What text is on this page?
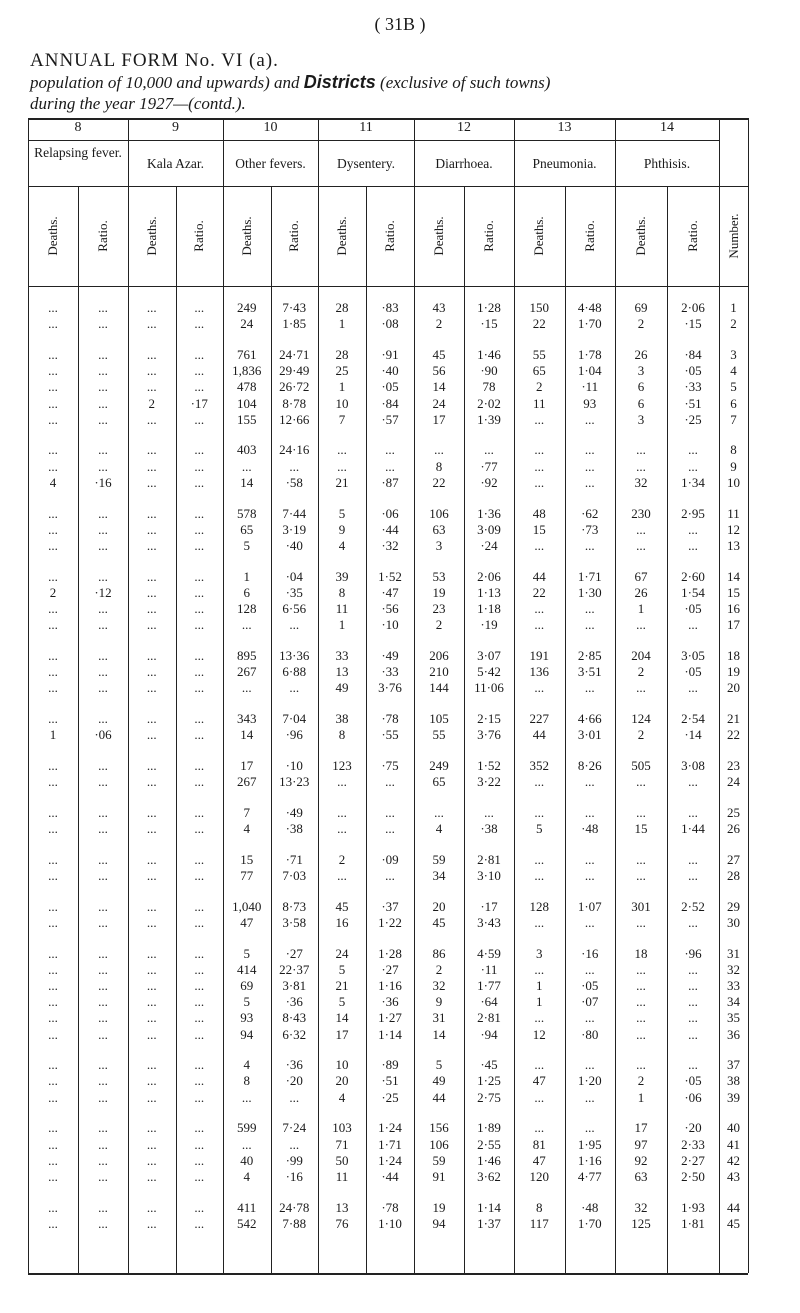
( 31B )
ANNUAL FORM No. VI (a).
population of 10,000 and upwards) and Districts (exclusive of such towns)
during the year 1927—(contd.).
8	9	10	11	12	13	14
Relapsing fever.
Kala Azar.	Other fevers.	Dysentery.	Diarrhoea.	Pneumonia.	Phthisis.
Deaths.	Ratio.	Deaths.	Ratio.	Deaths.	Ratio.	Deaths.	Ratio.	Deaths.	Ratio.	Deaths.	Ratio.	Deaths.	Ratio. Number.
...	...	...	...	249	7·43	28	·83	43	1·28	150	4·48	69	2·06	1
...	...	...	...	24	1·85	1	·08	2	·15	22	1·70	2	·15	2
...	...	...	...	761	24·71	28	·91	45	1·46	55	1·78	26	·84	3
...	...	...	...	1,836	29·49	25	·40	56	·90	65	1·04	3	·05	4
...	...	...	...	478	26·72	1	·05	14	78	2	·11	6	·33	5
...	...	2	·17	104	8·78	10	·84	24	2·02	11	93	6	·51	6
...	...	...	...	155	12·66	7	·57	17	1·39	...	...	3	·25	7
...	...	...	...	403	24·16	...	...	...	...	...	...	...	...	8
...	...	...	...	...	...	...	...	8	·77	...	...	...	...	9
4	·16	...	...	14	·58	21	·87	22	·92	...	...	32	1·34	10
...	...	...	...	578	7·44	5	·06	106	1·36	48	·62	230	2·95	11
...	...	...	...	65	3·19	9	·44	63	3·09	15	·73	...	...	12
...	...	...	...	5	·40	4	·32	3	·24	...	...	...	...	13
...	...	...	...	1	·04	39	1·52	53	2·06	44	1·71	67	2·60	14
2	·12	...	...	6	·35	8	·47	19	1·13	22	1·30	26	1·54	15
...	...	...	...	128	6·56	11	·56	23	1·18	...	...	1	·05	16
...	...	...	...	...	...	1	·10	2	·19	...	...	...	...	17
...	...	...	...	895	13·36	33	·49	206	3·07	191	2·85	204	3·05	18
...	...	...	...	267	6·88	13	·33	210	5·42	136	3·51	2	·05	19
...	...	...	...	...	...	49	3·76	144	11·06	...	...	...	...	20
...	...	...	...	343	7·04	38	·78	105	2·15	227	4·66	124	2·54	21
1	·06	...	...	14	·96	8	·55	55	3·76	44	3·01	2	·14	22
...	...	...	...	17	·10	123	·75	249	1·52	352	8·26	505	3·08	23
...	...	...	...	267	13·23	...	...	65	3·22	...	...	...	...	24
...	...	...	...	7	·49	...	...	...	...	...	...	...	...	25
...	...	...	...	4	·38	...	...	4	·38	5	·48	15	1·44	26
...	...	...	...	15	·71	2	·09	59	2·81	...	...	...	...	27
...	...	...	...	77	7·03	...	...	34	3·10	...	...	...	...	28
...	...	...	...	1,040	8·73	45	·37	20	·17	128	1·07	301	2·52	29
...	...	...	...	47	3·58	16	1·22	45	3·43	...	...	...	...	30
...	...	...	...	5	·27	24	1·28	86	4·59	3	·16	18	·96	31
...	...	...	...	414	22·37	5	·27	2	·11	...	...	...	...	32
...	...	...	...	69	3·81	21	1·16	32	1·77	1	·05	...	...	33
...	...	...	...	5	·36	5	·36	9	·64	1	·07	...	...	34
...	...	...	...	93	8·43	14	1·27	31	2·81	...	...	...	...	35
...	...	...	...	94	6·32	17	1·14	14	·94	12	·80	...	...	36
...	...	...	...	4	·36	10	·89	5	·45	...	...	...	...	37
...	...	...	...	8	·20	20	·51	49	1·25	47	1·20	2	·05	38
...	...	...	...	...	...	4	·25	44	2·75	...	...	1	·06	39
...	...	...	...	599	7·24	103	1·24	156	1·89	...	...	17	·20	40
...	...	...	...	...	...	71	1·71	106	2·55	81	1·95	97	2·33	41
...	...	...	...	40	·99	50	1·24	59	1·46	47	1·16	92	2·27	42
...	...	...	...	4	·16	11	·44	91	3·62	120	4·77	63	2·50	43
...	...	...	...	411	24·78	13	·78	19	1·14	8	·48	32	1·93	44
...	...	...	...	542	7·88	76	1·10	94	1·37	117	1·70	125	1·81	45
